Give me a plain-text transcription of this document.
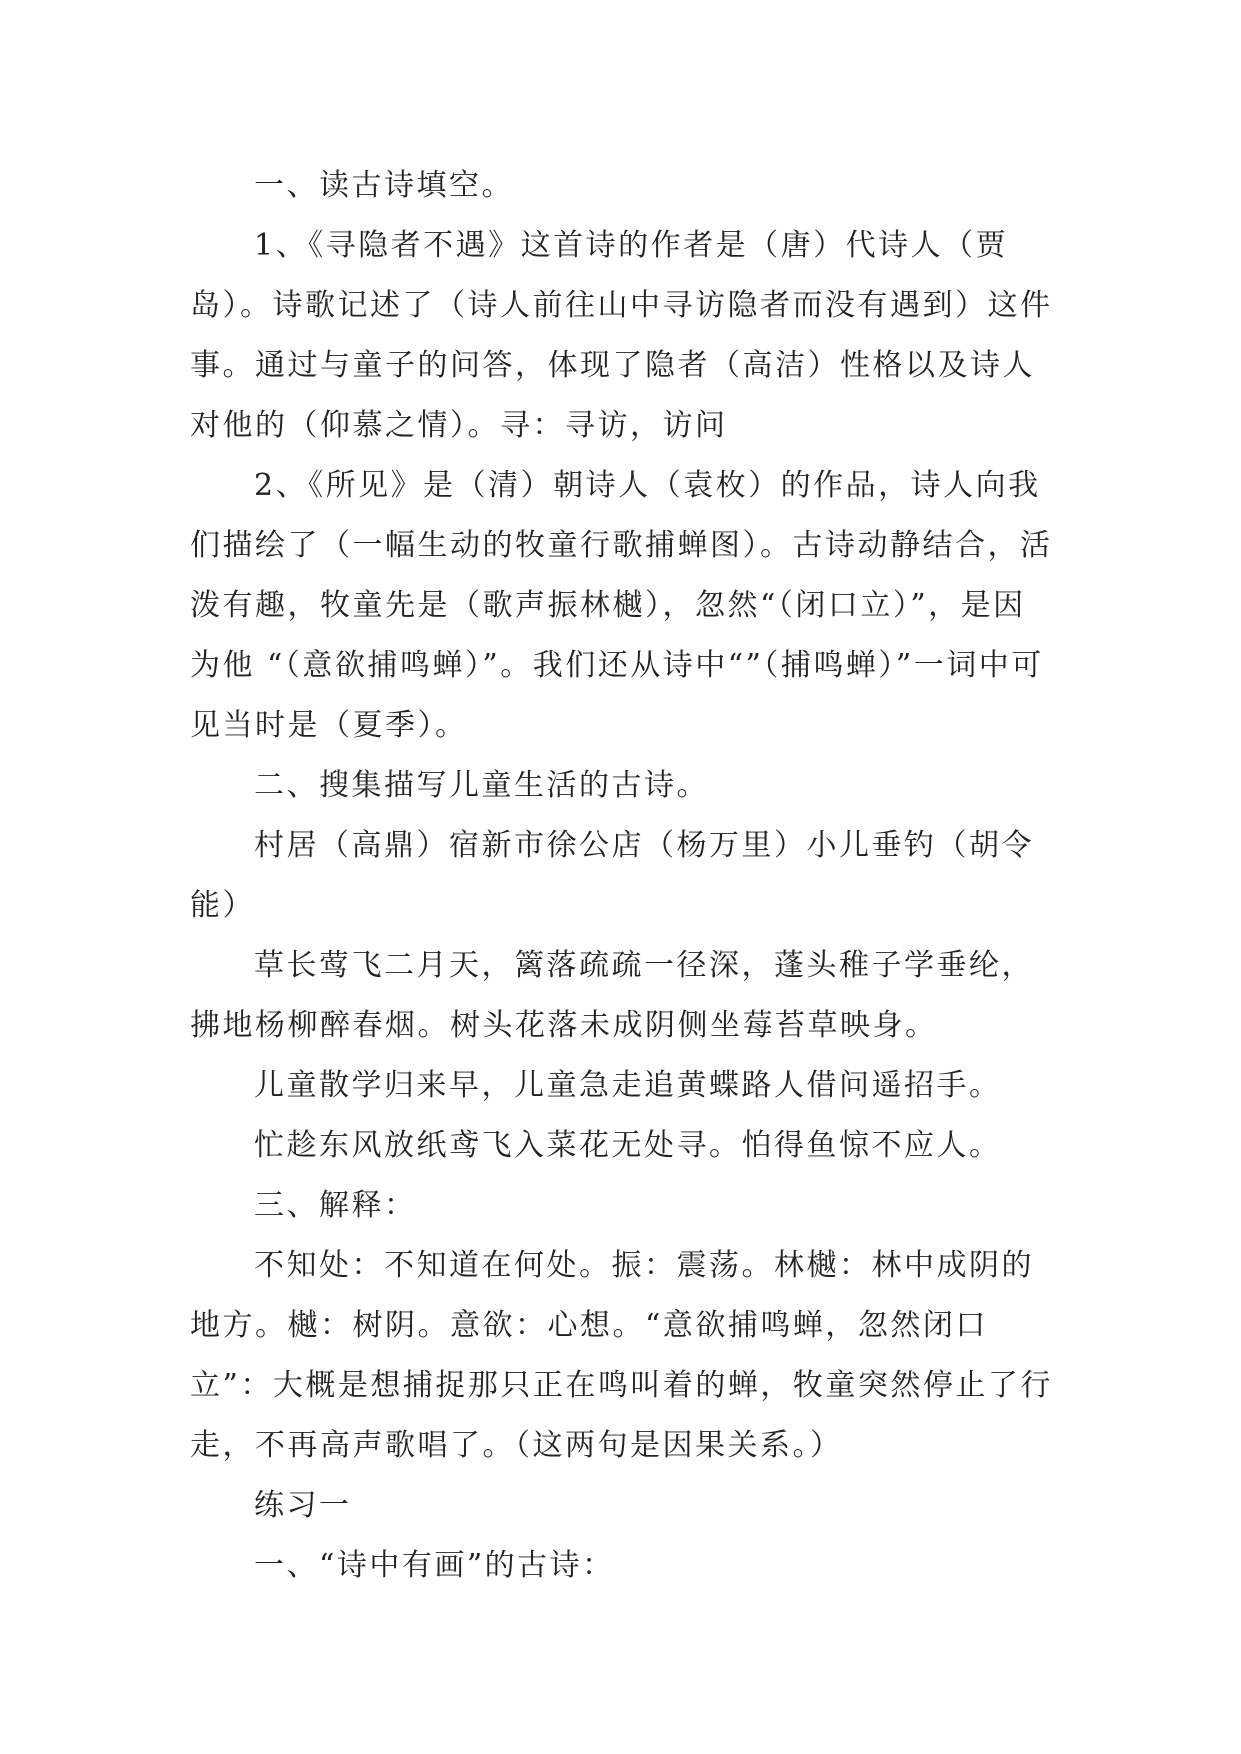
一、读古诗填空。

1、《寻隐者不遇》这首诗的作者是（唐）代诗人（贾岛）。诗歌记述了（诗人前往山中寻访隐者而没有遇到）这件事。通过与童子的问答，体现了隐者（高洁）性格以及诗人对他的（仰慕之情）。寻：寻访，访问

2、《所见》是（清）朝诗人（袁枚）的作品，诗人向我们描绘了（一幅生动的牧童行歌捕蝉图）。古诗动静结合，活泼有趣，牧童先是（歌声振林樾），忽然“（闭口立）”，是因为他 “（意欲捕鸣蝉）”。我们还从诗中“”（捕鸣蝉）”一词中可见当时是（夏季）。

二、搜集描写儿童生活的古诗。

村居（高鼎）宿新市徐公店（杨万里）小儿垂钓（胡令能）

草长莺飞二月天，篱落疏疏一径深，蓬头稚子学垂纶，拂地杨柳醉春烟。树头花落未成阴侧坐莓苔草映身。

儿童散学归来早，儿童急走追黄蝶路人借问遥招手。

忙趁东风放纸鸢飞入菜花无处寻。怕得鱼惊不应人。

三、解释：

不知处：不知道在何处。振：震荡。林樾：林中成阴的地方。樾：树阴。意欲：心想。“意欲捕鸣蝉，忽然闭口立”：大概是想捕捉那只正在鸣叫着的蝉，牧童突然停止了行走，不再高声歌唱了。（这两句是因果关系。）

练习一

一、“诗中有画”的古诗：
